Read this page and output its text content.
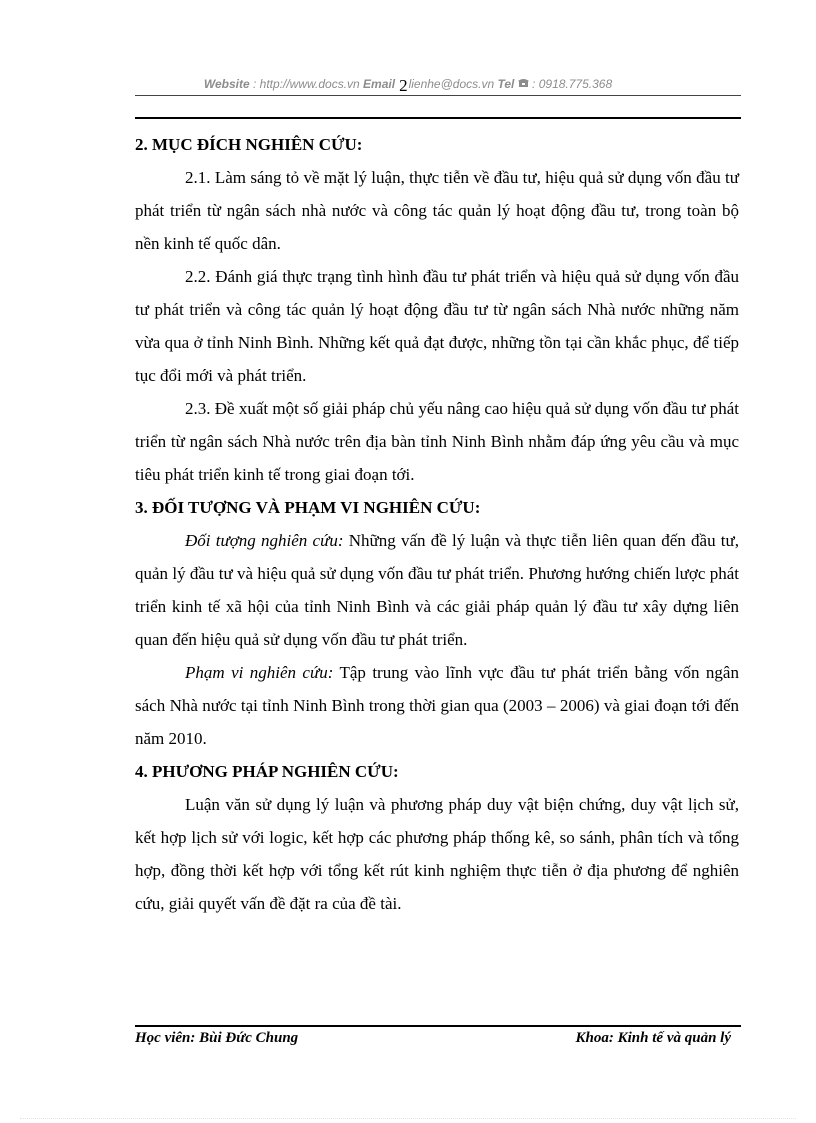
Website : http://www.docs.vn Email 2lienhe@docs.vn Tel  : 0918.775.368

2. MỤC ĐÍCH NGHIÊN CỨU:

2.1. Làm sáng tỏ về mặt lý luận, thực tiễn về đầu tư, hiệu quả sử dụng vốn đầu tư phát triển từ ngân sách nhà nước và công tác quản lý hoạt động đầu tư, trong toàn bộ nền kinh tế quốc dân.

2.2. Đánh giá thực trạng tình hình đầu tư phát triển và hiệu quả sử dụng vốn đầu tư phát triển và công tác quản lý hoạt động đầu tư từ ngân sách Nhà nước những năm vừa qua ở tỉnh Ninh Bình. Những kết quả đạt được, những tồn tại cần khắc phục, để tiếp tục đổi mới và phát triển.

2.3. Đề xuất một số giải pháp chủ yếu nâng cao hiệu quả sử dụng vốn đầu tư phát triển từ ngân sách Nhà nước trên địa bàn tỉnh Ninh Bình nhằm đáp ứng yêu cầu và mục tiêu phát triển kinh tế trong giai đoạn tới.

3. ĐỐI TƯỢNG VÀ PHẠM VI NGHIÊN CỨU:

Đối tượng nghiên cứu: Những vấn đề lý luận và thực tiễn liên quan đến đầu tư, quản lý đầu tư và hiệu quả sử dụng vốn đầu tư phát triển. Phương hướng chiến lược phát triển kinh tế xã hội của tỉnh Ninh Bình và các giải pháp quản lý đầu tư xây dựng liên quan đến hiệu quả sử dụng vốn đầu tư phát triển.

Phạm vi nghiên cứu: Tập trung vào lĩnh vực đầu tư phát triển bằng vốn ngân sách Nhà nước tại tỉnh Ninh Bình trong thời gian qua (2003 – 2006) và giai đoạn tới đến năm 2010.

4. PHƯƠNG PHÁP NGHIÊN CỨU:

Luận văn sử dụng lý luận và phương pháp duy vật biện chứng, duy vật lịch sử, kết hợp lịch sử với logic, kết hợp các phương pháp thống kê, so sánh, phân tích và tổng hợp, đồng thời kết hợp với tổng kết rút kinh nghiệm thực tiễn ở địa phương để nghiên cứu, giải quyết vấn đề đặt ra của đề tài.

Học viên: Bùi Đức Chung	Khoa: Kinh tế và quản lý
